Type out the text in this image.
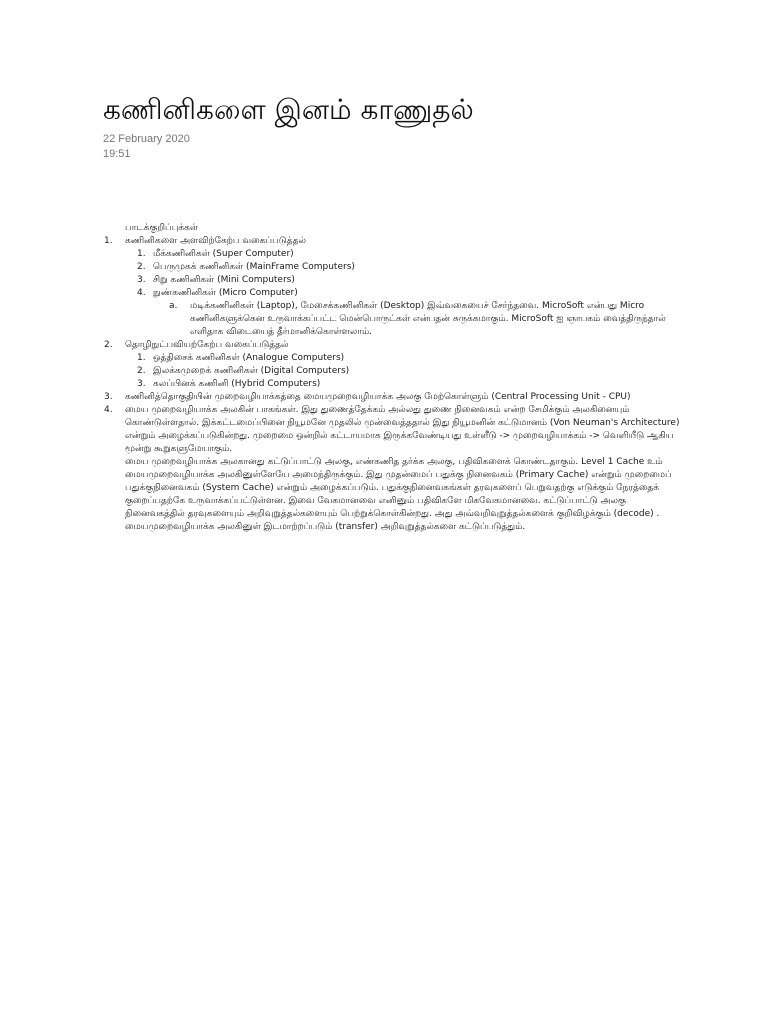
கணினிகளை இனம் காணுதல்
22 February 2020
19:51
பாடக்குறிப்புக்கள்
1. கணினிகளை அளவிற்கேற்ப வகைப்படுத்தல்
1. மீக்கணினிகள் (Super Computer)
2. பெருமுகக் கணினிகள் (MainFrame Computers)
3. சிறு கணினிகள் (Mini Computers)
4. நுண்கணினிகள் (Micro Computer)
a. மடிக்கணினிகள் (Laptop), மேசைக்கணினிகள் (Desktop) இவ்வகையைச் சேர்ந்தவை. MicroSoft என்பது Micro கணினிகளுக்கென உருவாக்கப்பட்ட மென்பொருட்கள் என்பதன் சுருக்கமாகும். MicroSoft ஐ ஞாபகம் வைத்திருந்தால் எளிதாக விடையைத் தீர்மானிக்கொள்ளலாம்.
2. தொழிநுட்பவியற்கேற்ப வகைப்படுத்தல்
1. ஒத்திசைக் கணினிகள் (Analogue Computers)
2. இலக்கமுறைக் கணினிகள் (Digital Computers)
3. கலப்பினக் கணினி (Hybrid Computers)
3. கணினித்தொகுதியின் முறைவழியாக்கத்தை மையமுறைவழியாக்க அலகு மேற்கொள்ளும் (Central Processing Unit - CPU)
4. மைய முறைவழியாக்க அலகின் பாகங்கள். இது துணைத்தேக்கம் அல்லது துணை நினைவகம் என்ற சேமிக்கும் அலகினையும் கொண்டுள்ளதால். இக்கட்டமைப்பினை நியூமனே முதலில் முன்வைத்ததால் இது நியூமனின் கட்டுமானம் (Von Neuman's Architecture) என்றும் அழைக்கப்படுகின்றது. முறைமை ஒன்றில் கட்டாயமாக இருக்கவேண்டியது உள்ளீடு -> முறைவழியாக்கம் -> வெளியீடு ஆகிய மூன்று கூறுகளுமேயாகும்.
மைய முறைவழியாக்க அலகானது கட்டுப்பாட்டு அலகு, எண்கணித தர்க்க அலகு, பதிவிகளைக் கொண்டதாகும். Level 1 Cache உம் மையமுறைவழியாக்க அலகினுள்ளேயே அமைந்திருக்கும். இது முதன்மைப் பதுக்கு நினைவகம் (Primary Cache) என்றும் முறைமைப் பதுக்குநினைவகம் (System Cache) என்றும் அழைக்கப்படும். பதுக்குநினைவகங்கள் தரவுகளைப் பெறுவதற்கு எடுக்கும் நேரத்தைக் குறைப்பதற்கே உருவாக்கப்பட்டுள்ளன. இவை வேகமானவை எனினும் பதிவிகளே மிகவேகமானவை. கட்டுப்பாட்டு அலகு நினைவகத்தில் தரவுகளையும் அறிவுறுத்தல்களையும் பெற்றுக்கொள்கின்றது. அது அவ்வறிவுறுத்தல்களைக் குறிவிழக்கும் (decode) . மையமுறைவழியாக்க அலகினுள் இடமாற்றப்படும் (transfer) அறிவுறுத்தல்களை கட்டுப்படுத்தும்.
